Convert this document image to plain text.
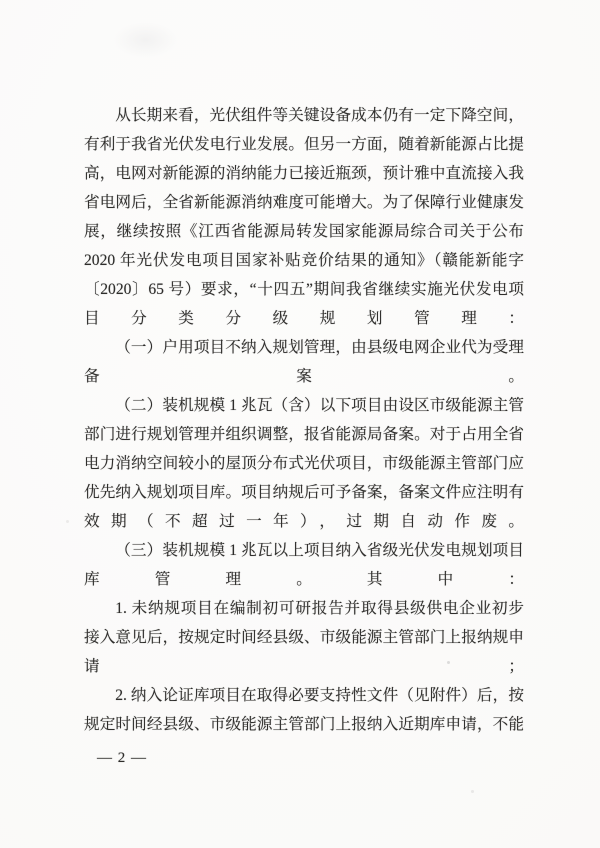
从长期来看，光伏组件等关键设备成本仍有一定下降空间，
有利于我省光伏发电行业发展。但另一方面，随着新能源占比提
高，电网对新能源的消纳能力已接近瓶颈，预计雅中直流接入我
省电网后，全省新能源消纳难度可能增大。为了保障行业健康发
展，继续按照《江西省能源局转发国家能源局综合司关于公布
2020 年光伏发电项目国家补贴竞价结果的通知》（赣能新能字
〔2020〕65 号）要求，“十四五”期间我省继续实施光伏发电项
目分类分级规划管理：
（一）户用项目不纳入规划管理，由县级电网企业代为受理
备案。
（二）装机规模 1 兆瓦（含）以下项目由设区市级能源主管
部门进行规划管理并组织调整，报省能源局备案。对于占用全省
电力消纳空间较小的屋顶分布式光伏项目，市级能源主管部门应
优先纳入规划项目库。项目纳规后可予备案，备案文件应注明有
效期（不超过一年），过期自动作废。
（三）装机规模 1 兆瓦以上项目纳入省级光伏发电规划项目
库管理。其中：
1. 未纳规项目在编制初可研报告并取得县级供电企业初步
接入意见后，按规定时间经县级、市级能源主管部门上报纳规申
请；
2. 纳入论证库项目在取得必要支持性文件（见附件）后，按
规定时间经县级、市级能源主管部门上报纳入近期库申请，不能
— 2 —
